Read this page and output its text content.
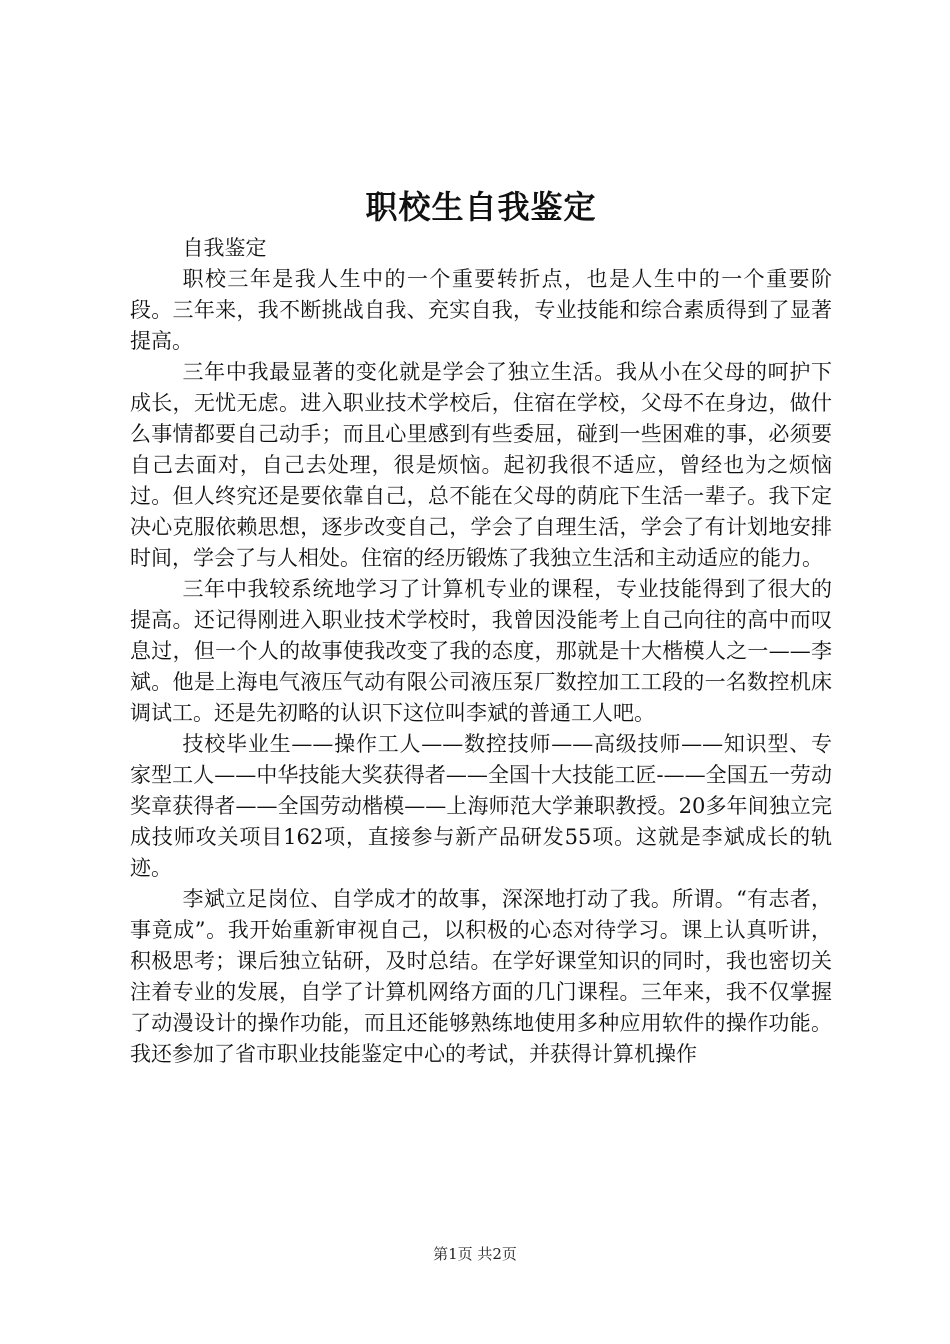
职校生自我鉴定

自我鉴定

职校三年是我人生中的一个重要转折点，也是人生中的一个重要阶段。三年来，我不断挑战自我、充实自我，专业技能和综合素质得到了显著提高。

三年中我最显著的变化就是学会了独立生活。我从小在父母的呵护下成长，无忧无虑。进入职业技术学校后，住宿在学校，父母不在身边，做什么事情都要自己动手；而且心里感到有些委屈，碰到一些困难的事，必须要自己去面对，自己去处理，很是烦恼。起初我很不适应，曾经也为之烦恼过。但人终究还是要依靠自己，总不能在父母的荫庇下生活一辈子。我下定决心克服依赖思想，逐步改变自己，学会了自理生活，学会了有计划地安排时间，学会了与人相处。住宿的经历锻炼了我独立生活和主动适应的能力。

三年中我较系统地学习了计算机专业的课程，专业技能得到了很大的提高。还记得刚进入职业技术学校时，我曾因没能考上自己向往的高中而叹息过，但一个人的故事使我改变了我的态度，那就是十大楷模人之一——李斌。他是上海电气液压气动有限公司液压泵厂数控加工工段的一名数控机床调试工。还是先初略的认识下这位叫李斌的普通工人吧。

技校毕业生——操作工人——数控技师——高级技师——知识型、专家型工人——中华技能大奖获得者——全国十大技能工匠-——全国五一劳动奖章获得者——全国劳动楷模——上海师范大学兼职教授。20多年间独立完成技师攻关项目162项，直接参与新产品研发55项。这就是李斌成长的轨迹。

李斌立足岗位、自学成才的故事，深深地打动了我。所谓。“有志者，事竟成”。我开始重新审视自己，以积极的心态对待学习。课上认真听讲，积极思考；课后独立钻研，及时总结。在学好课堂知识的同时，我也密切关注着专业的发展，自学了计算机网络方面的几门课程。三年来，我不仅掌握了动漫设计的操作功能，而且还能够熟练地使用多种应用软件的操作功能。我还参加了省市职业技能鉴定中心的考试，并获得计算机操作

第1页 共2页
